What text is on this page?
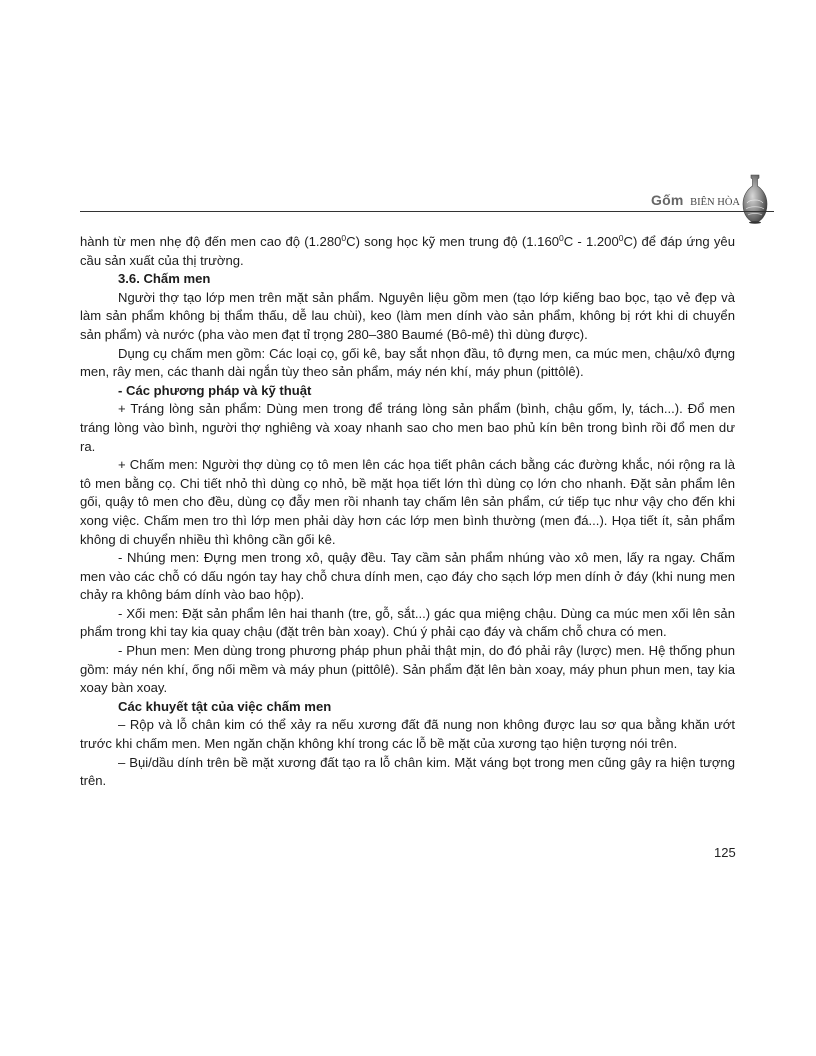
Gốm BIÊN HÒA

hành từ men nhẹ độ đến men cao độ (1.280$^0$C) song học kỹ men trung độ (1.160$^0$C - 1.200$^0$C) để đáp ứng yêu cầu sản xuất của thị trường.

3.6. Chấm men

Người thợ tạo lớp men trên mặt sản phẩm. Nguyên liệu gồm men (tạo lớp kiếng bao bọc, tạo vẻ đẹp và làm sản phẩm không bị thẩm thấu, dễ lau chùi), keo (làm men dính vào sản phẩm, không bị rớt khi di chuyển sản phẩm) và nước (pha vào men đạt tỉ trọng 280–380 Baumé (Bô-mê) thì dùng được).

Dụng cụ chấm men gồm: Các loại cọ, gối kê, bay sắt nhọn đầu, tô đựng men, ca múc men, chậu/xô đựng men, rây men, các thanh dài ngắn tùy theo sản phẩm, máy nén khí, máy phun (pittôlê).

- Các phương pháp và kỹ thuật

+ Tráng lòng sản phẩm: Dùng men trong để tráng lòng sản phẩm (bình, chậu gốm, ly, tách...). Đổ men tráng lòng vào bình, người thợ nghiêng và xoay nhanh sao cho men bao phủ kín bên trong bình rồi đổ men dư ra.

+ Chấm men: Người thợ dùng cọ tô men lên các họa tiết phân cách bằng các đường khắc, nói rộng ra là tô men bằng cọ. Chi tiết nhỏ thì dùng cọ nhỏ, bề mặt họa tiết lớn thì dùng cọ lớn cho nhanh. Đặt sản phẩm lên gối, quậy tô men cho đều, dùng cọ đẫy men rồi nhanh tay chấm lên sản phẩm, cứ tiếp tục như vậy cho đến khi xong việc. Chấm men tro thì lớp men phải dày hơn các lớp men bình thường (men đá...). Họa tiết ít, sản phẩm không di chuyển nhiều thì không cần gối kê.

- Nhúng men: Đựng men trong xô, quậy đều. Tay cầm sản phẩm nhúng vào xô men, lấy ra ngay. Chấm men vào các chỗ có dấu ngón tay hay chỗ chưa dính men, cạo đáy cho sạch lớp men dính ở đáy (khi nung men chảy ra không bám dính vào bao hộp).

- Xối men: Đặt sản phẩm lên hai thanh (tre, gỗ, sắt...) gác qua miệng chậu. Dùng ca múc men xối lên sản phẩm trong khi tay kia quay chậu (đặt trên bàn xoay). Chú ý phải cạo đáy và chấm chỗ chưa có men.

- Phun men: Men dùng trong phương pháp phun phải thật mịn, do đó phải rây (lược) men. Hệ thống phun gồm: máy nén khí, ống nối mềm và máy phun (pittôlê). Sản phẩm đặt lên bàn xoay, máy phun phun men, tay kia xoay bàn xoay.

Các khuyết tật của việc chấm men

– Rộp và lỗ chân kim có thể xảy ra nếu xương đất đã nung non không được lau sơ qua bằng khăn ướt trước khi chấm men. Men ngăn chặn không khí trong các lỗ bề mặt của xương tạo hiện tượng nói trên.

– Bụi/dầu dính trên bề mặt xương đất tạo ra lỗ chân kim. Mặt váng bọt trong men cũng gây ra hiện tượng trên.

125
